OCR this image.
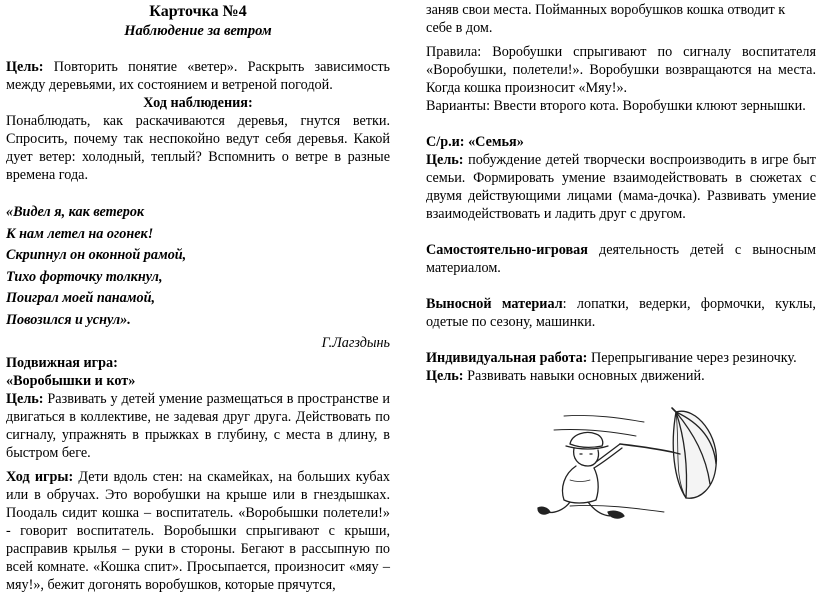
Карточка №4

Наблюдение за ветром

Цель: Повторить понятие «ветер». Раскрыть зависимость между деревьями, их состоянием и ветреной погодой.

Ход наблюдения:

Понаблюдать, как раскачиваются деревья, гнутся ветки. Спросить, почему так неспокойно ведут себя деревья. Какой дует ветер: холодный, теплый? Вспомнить о ветре в разные времена года.

«Видел я, как ветерок

К нам летел на огонек!

Скрипнул он оконной рамой,

Тихо форточку толкнул,

Поиграл моей панамой,

Повозился и уснул».

Г.Лагздынь

Подвижная игра:

«Воробышки и кот»

Цель: Развивать у детей умение размещаться в пространстве и двигаться в коллективе, не задевая друг друга. Действовать по сигналу, упражнять в прыжках в глубину, с места в длину, в быстром беге.

Ход игры: Дети вдоль стен: на скамейках, на больших кубах или в обручах. Это воробушки на крыше или в гнездышках. Поодаль сидит кошка – воспитатель. «Воробышки полетели!» - говорит воспитатель. Воробышки спрыгивают с крыши, расправив крылья – руки в стороны. Бегают в рассыпную по всей комнате. «Кошка спит». Просыпается, произносит «мяу – мяу!», бежит догонять воробушков, которые прячутся,

заняв свои места. Пойманных воробушков кошка отводит к

себе в дом.

Правила: Воробушки спрыгивают по сигналу воспитателя «Воробушки, полетели!». Воробушки возвращаются на места. Когда кошка произносит «Мяу!».

Варианты: Ввести второго кота. Воробушки клюют зернышки.

С/р.и: «Семья»

Цель: побуждение детей творчески воспроизводить в игре быт семьи. Формировать умение взаимодействовать в сюжетах с двумя действующими лицами (мама-дочка). Развивать умение взаимодействовать и ладить друг с другом.

Самостоятельно-игровая деятельность детей с выносным материалом.

Выносной материал: лопатки, ведерки, формочки, куклы, одетые по сезону, машинки.

Индивидуальная работа: Перепрыгивание через резиночку.

Цель: Развивать навыки основных движений.
